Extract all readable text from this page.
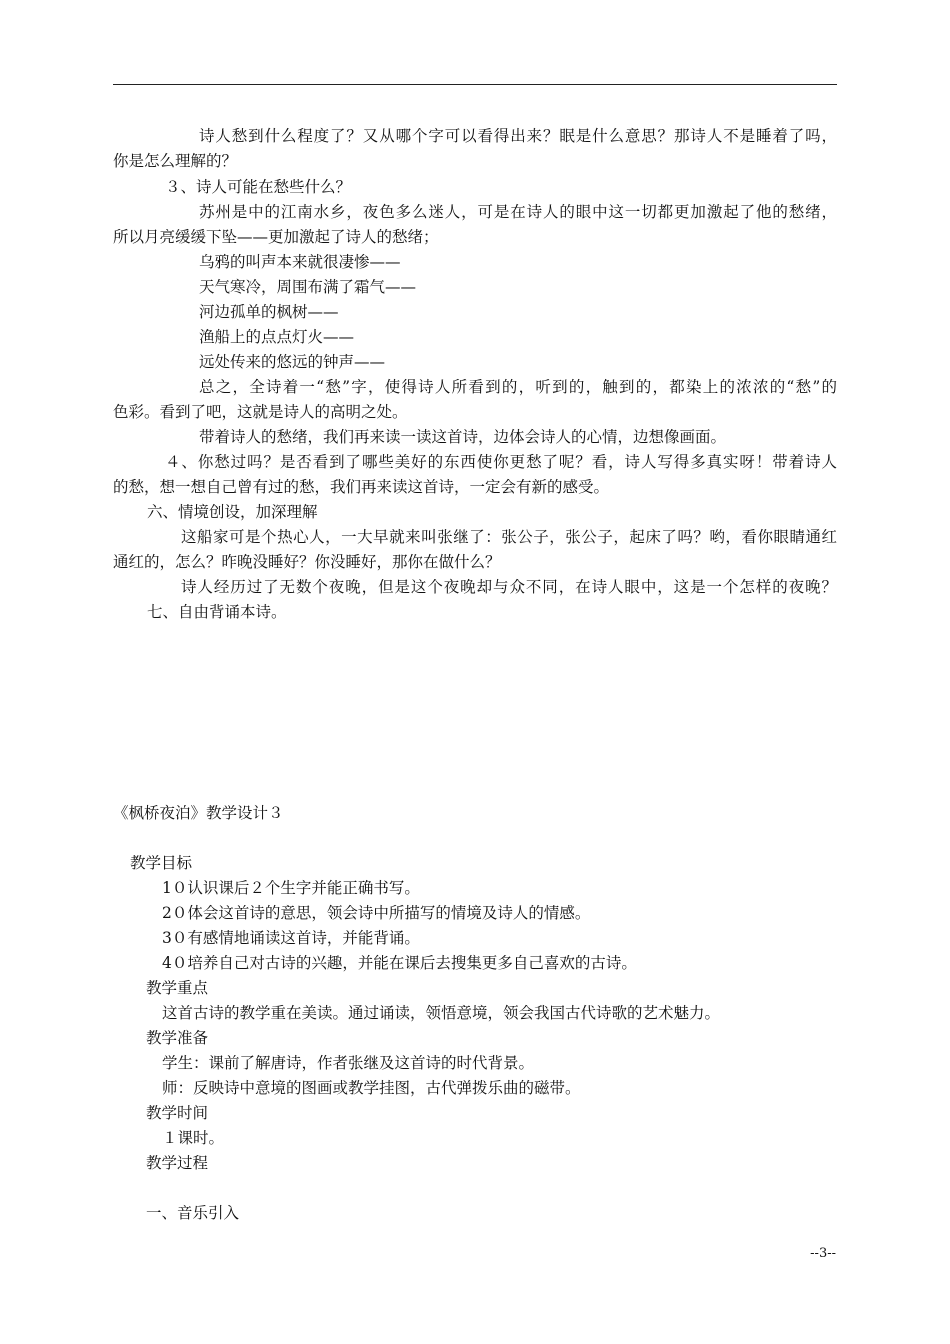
诗人愁到什么程度了？又从哪个字可以看得出来？眠是什么意思？那诗人不是睡着了吗，
你是怎么理解的？
３、诗人可能在愁些什么？
苏州是中的江南水乡，夜色多么迷人，可是在诗人的眼中这一切都更加激起了他的愁绪，
所以月亮缓缓下坠——更加激起了诗人的愁绪；
乌鸦的叫声本来就很凄惨——
天气寒冷，周围布满了霜气——
河边孤单的枫树——
渔船上的点点灯火——
远处传来的悠远的钟声——
总之，全诗着一“愁”字，使得诗人所看到的，听到的，触到的，都染上的浓浓的“愁”的
色彩。看到了吧，这就是诗人的高明之处。
带着诗人的愁绪，我们再来读一读这首诗，边体会诗人的心情，边想像画面。
４、你愁过吗？是否看到了哪些美好的东西使你更愁了呢？看，诗人写得多真实呀！带着诗人
的愁，想一想自己曾有过的愁，我们再来读这首诗，一定会有新的感受。
六、情境创设，加深理解
这船家可是个热心人，一大早就来叫张继了：张公子，张公子，起床了吗？哟，看你眼睛通红
通红的，怎么？昨晚没睡好？你没睡好，那你在做什么？
诗人经历过了无数个夜晚，但是这个夜晚却与众不同，在诗人眼中，这是一个怎样的夜晚？
七、自由背诵本诗。
《枫桥夜泊》教学设计３
教学目标
1０认识课后２个生字并能正确书写。
2０体会这首诗的意思，领会诗中所描写的情境及诗人的情感。
3０有感情地诵读这首诗，并能背诵。
4０培养自己对古诗的兴趣，并能在课后去搜集更多自己喜欢的古诗。
教学重点
这首古诗的教学重在美读。通过诵读，领悟意境，领会我国古代诗歌的艺术魅力。
教学准备
学生：课前了解唐诗，作者张继及这首诗的时代背景。
师：反映诗中意境的图画或教学挂图，古代弹拨乐曲的磁带。
教学时间
１课时。
教学过程
一、音乐引入
--3--
